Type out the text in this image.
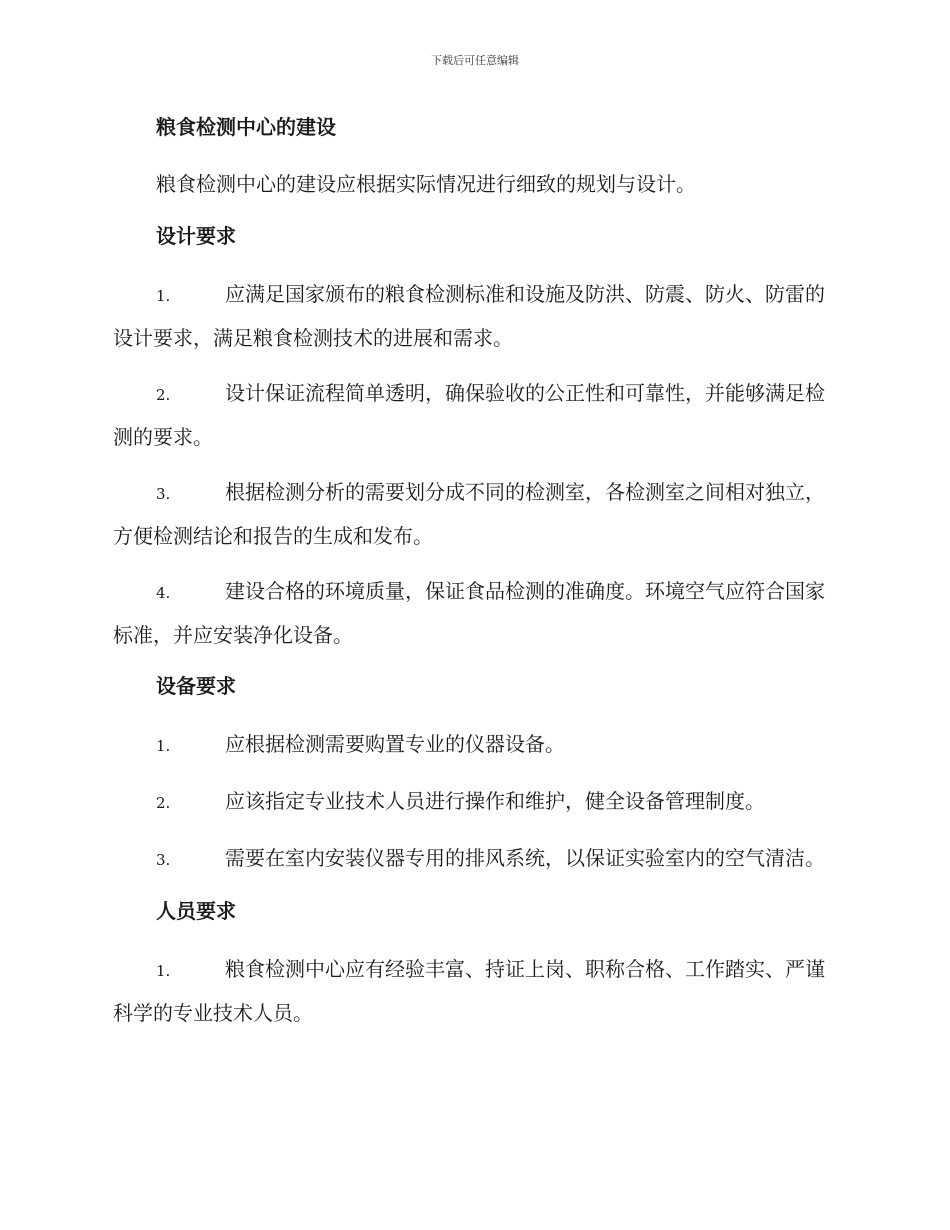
下载后可任意编辑
粮食检测中心的建设
粮食检测中心的建设应根据实际情况进行细致的规划与设计。
设计要求
1.	应满足国家颁布的粮食检测标准和设施及防洪、防震、防火、防雷的设计要求，满足粮食检测技术的进展和需求。
2.	设计保证流程简单透明，确保验收的公正性和可靠性，并能够满足检测的要求。
3.	根据检测分析的需要划分成不同的检测室，各检测室之间相对独立，方便检测结论和报告的生成和发布。
4.	建设合格的环境质量，保证食品检测的准确度。环境空气应符合国家标准，并应安装净化设备。
设备要求
1.	应根据检测需要购置专业的仪器设备。
2.	应该指定专业技术人员进行操作和维护，健全设备管理制度。
3.	需要在室内安装仪器专用的排风系统，以保证实验室内的空气清洁。
人员要求
1.	粮食检测中心应有经验丰富、持证上岗、职称合格、工作踏实、严谨科学的专业技术人员。
